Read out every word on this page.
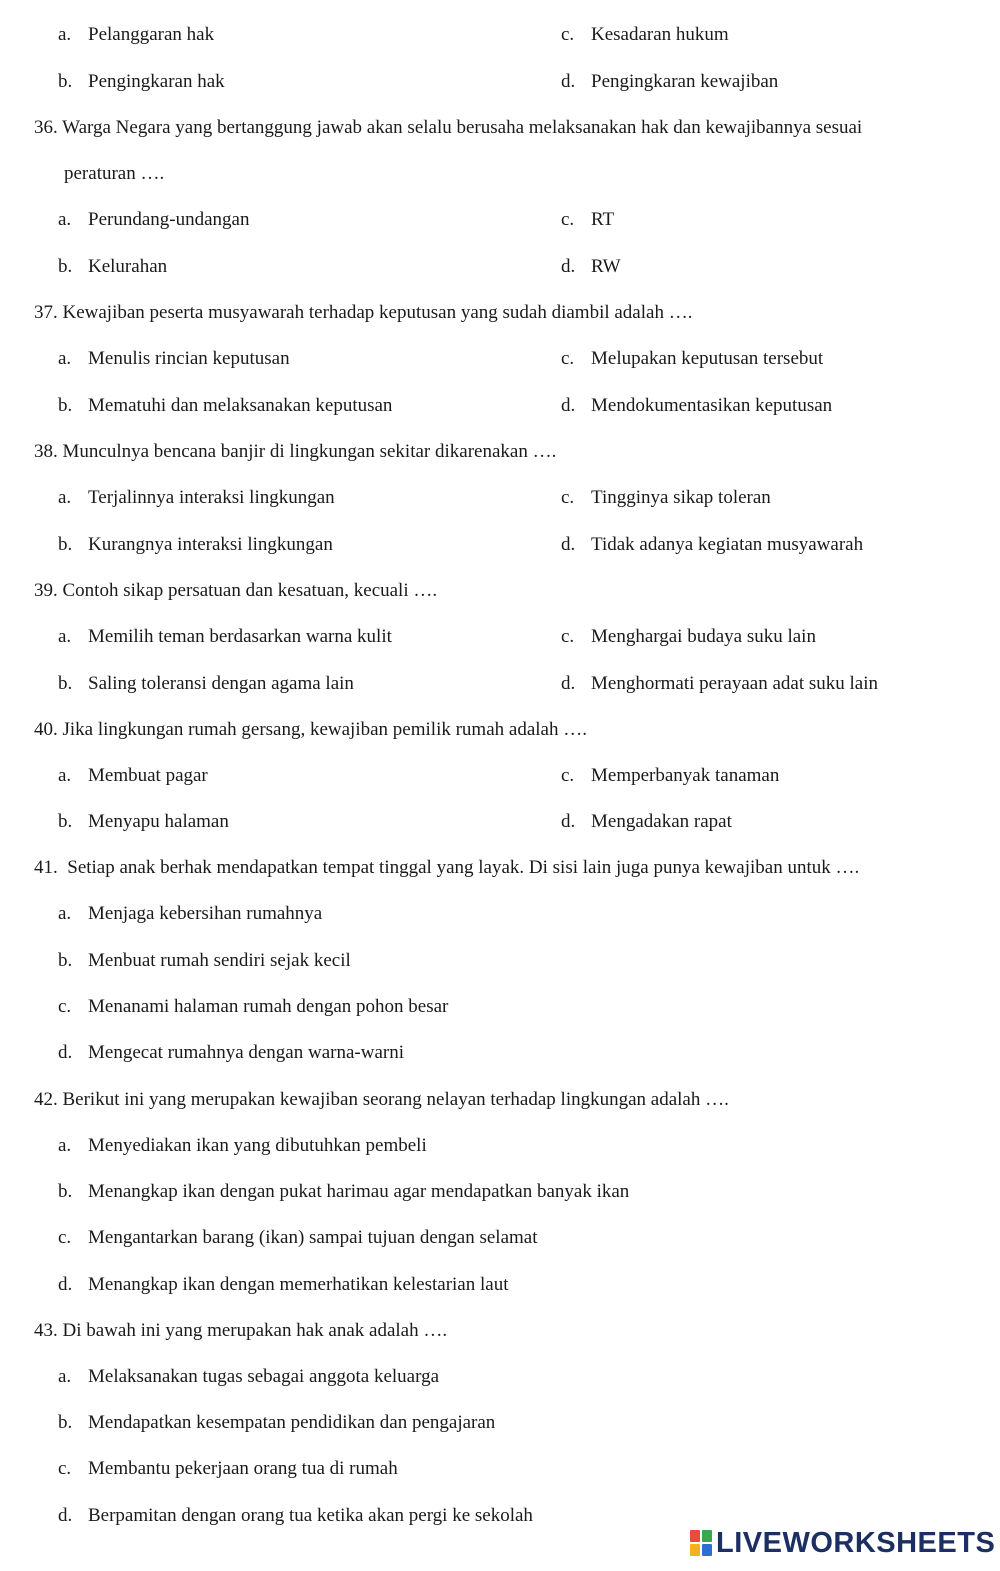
a. Pelanggaran hak	c. Kesadaran hukum
b. Pengingkaran hak	d. Pengingkaran kewajiban
36. Warga Negara yang bertanggung jawab akan selalu berusaha melaksanakan hak dan kewajibannya sesuai
peraturan ….
a. Perundang-undangan	c. RT
b. Kelurahan	d. RW
37. Kewajiban peserta musyawarah terhadap keputusan yang sudah diambil adalah ….
a. Menulis rincian keputusan	c. Melupakan keputusan tersebut
b. Mematuhi dan melaksanakan keputusan	d. Mendokumentasikan keputusan
38. Munculnya bencana banjir di lingkungan sekitar dikarenakan ….
a. Terjalinnya interaksi lingkungan	c. Tingginya sikap toleran
b. Kurangnya interaksi lingkungan	d. Tidak adanya kegiatan musyawarah
39. Contoh sikap persatuan dan kesatuan, kecuali ….
a. Memilih teman berdasarkan warna kulit	c. Menghargai budaya suku lain
b. Saling toleransi dengan agama lain	d. Menghormati perayaan adat suku lain
40. Jika lingkungan rumah gersang, kewajiban pemilik rumah adalah ….
a. Membuat pagar	c. Memperbanyak tanaman
b. Menyapu halaman	d. Mengadakan rapat
41. Setiap anak berhak mendapatkan tempat tinggal yang layak. Di sisi lain juga punya kewajiban untuk ….
a. Menjaga kebersihan rumahnya
b. Menbuat rumah sendiri sejak kecil
c. Menanami halaman rumah dengan pohon besar
d. Mengecat rumahnya dengan warna-warni
42. Berikut ini yang merupakan kewajiban seorang nelayan terhadap lingkungan adalah ….
a. Menyediakan ikan yang dibutuhkan pembeli
b. Menangkap ikan dengan pukat harimau agar mendapatkan banyak ikan
c. Mengantarkan barang (ikan) sampai tujuan dengan selamat
d. Menangkap ikan dengan memerhatikan kelestarian laut
43. Di bawah ini yang merupakan hak anak adalah ….
a. Melaksanakan tugas sebagai anggota keluarga
b. Mendapatkan kesempatan pendidikan dan pengajaran
c. Membantu pekerjaan orang tua di rumah
d. Berpamitan dengan orang tua ketika akan pergi ke sekolah
LIVEWORKSHEETS
